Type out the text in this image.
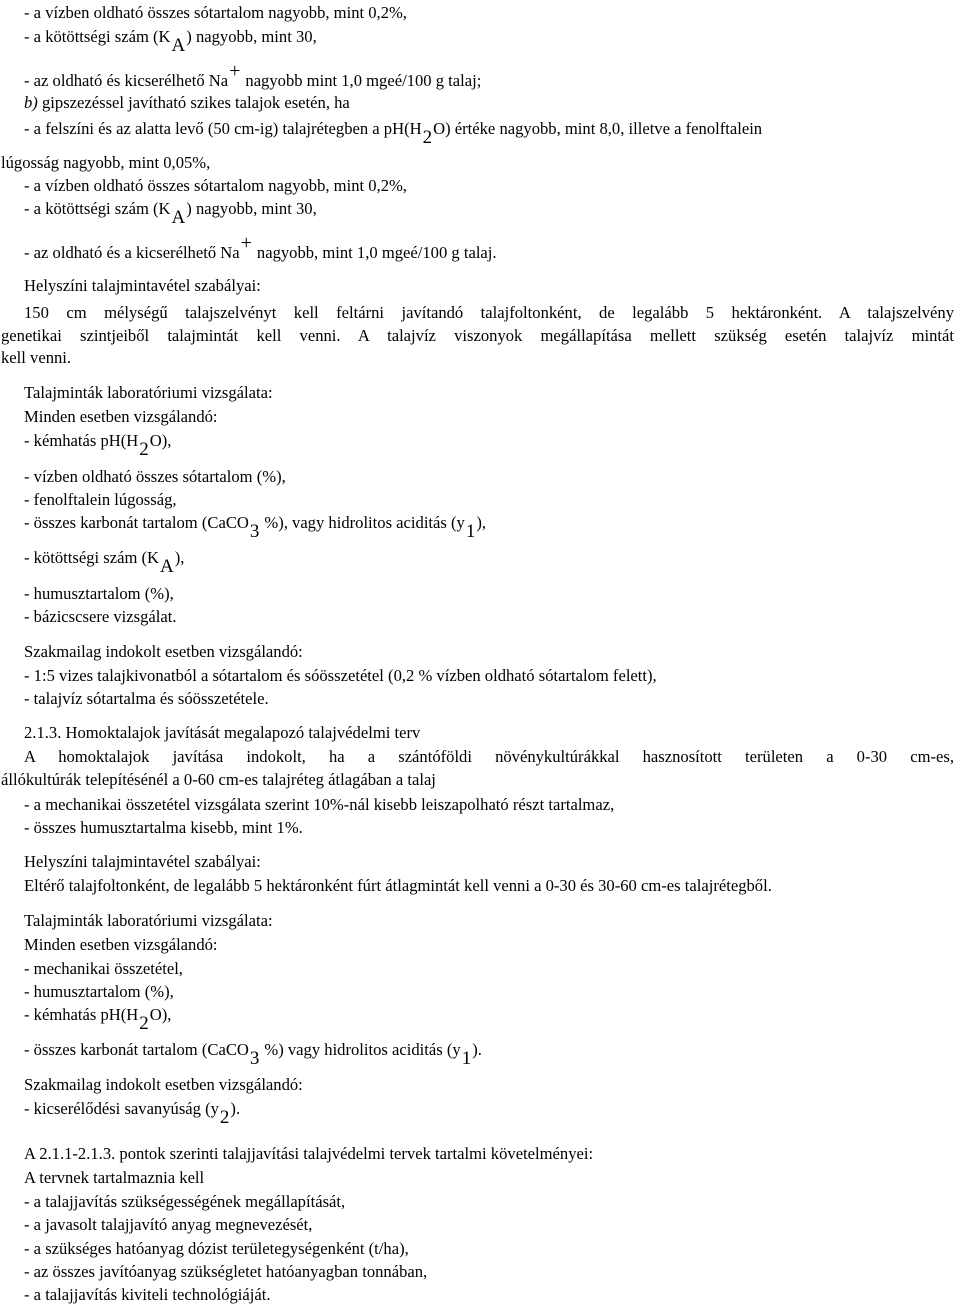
- a vízben oldható összes sótartalom nagyobb, mint 0,2%,
- a kötöttségi szám (KA) nagyobb, mint 30,
- az oldható és kicserélhető Na+ nagyobb mint 1,0 mgeé/100 g talaj;
b) gipszezéssel javítható szikes talajok esetén, ha
- a felszíni és az alatta levő (50 cm-ig) talajrétegben a pH(H2O) értéke nagyobb, mint 8,0, illetve a fenolftalein
lúgosság nagyobb, mint 0,05%,
- a vízben oldható összes sótartalom nagyobb, mint 0,2%,
- a kötöttségi szám (KA) nagyobb, mint 30,
- az oldható és a kicserélhető Na+ nagyobb, mint 1,0 mgeé/100 g talaj.
Helyszíni talajmintavétel szabályai:
150 cm mélységű talajszelvényt kell feltárni javítandó talajfoltonként, de legalább 5 hektáronként. A talajszelvény
genetikai szintjeiből talajmintát kell venni. A talajvíz viszonyok megállapítása mellett szükség esetén talajvíz mintát
kell venni.
Talajminták laboratóriumi vizsgálata:
Minden esetben vizsgálandó:
- kémhatás pH(H2O),
- vízben oldható összes sótartalom (%),
- fenolftalein lúgosság,
- összes karbonát tartalom (CaCO3 %), vagy hidrolitos aciditás (y1),
- kötöttségi szám (KA),
- humusztartalom (%),
- bázicscsere vizsgálat.
Szakmailag indokolt esetben vizsgálandó:
- 1:5 vizes talajkivonatból a sótartalom és sóösszetétel (0,2 % vízben oldható sótartalom felett),
- talajvíz sótartalma és sóösszetétele.
2.1.3. Homoktalajok javítását megalapozó talajvédelmi terv
A homoktalajok javítása indokolt, ha a szántóföldi növénykultúrákkal hasznosított területen a 0-30 cm-es,
állókultúrák telepítésénél a 0-60 cm-es talajréteg átlagában a talaj
- a mechanikai összetétel vizsgálata szerint 10%-nál kisebb leiszapolható részt tartalmaz,
- összes humusztartalma kisebb, mint 1%.
Helyszíni talajmintavétel szabályai:
Eltérő talajfoltonként, de legalább 5 hektáronként fúrt átlagmintát kell venni a 0-30 és 30-60 cm-es talajrétegből.
Talajminták laboratóriumi vizsgálata:
Minden esetben vizsgálandó:
- mechanikai összetétel,
- humusztartalom (%),
- kémhatás pH(H2O),
- összes karbonát tartalom (CaCO3 %) vagy hidrolitos aciditás (y1).
Szakmailag indokolt esetben vizsgálandó:
- kicserélődési savanyúság (y2).
A 2.1.1-2.1.3. pontok szerinti talajjavítási talajvédelmi tervek tartalmi követelményei:
A tervnek tartalmaznia kell
- a talajjavítás szükségességének megállapítását,
- a javasolt talajjavító anyag megnevezését,
- a szükséges hatóanyag dózist területegységenként (t/ha),
- az összes javítóanyag szükségletet hatóanyagban tonnában,
- a talajjavítás kiviteli technológiáját.
